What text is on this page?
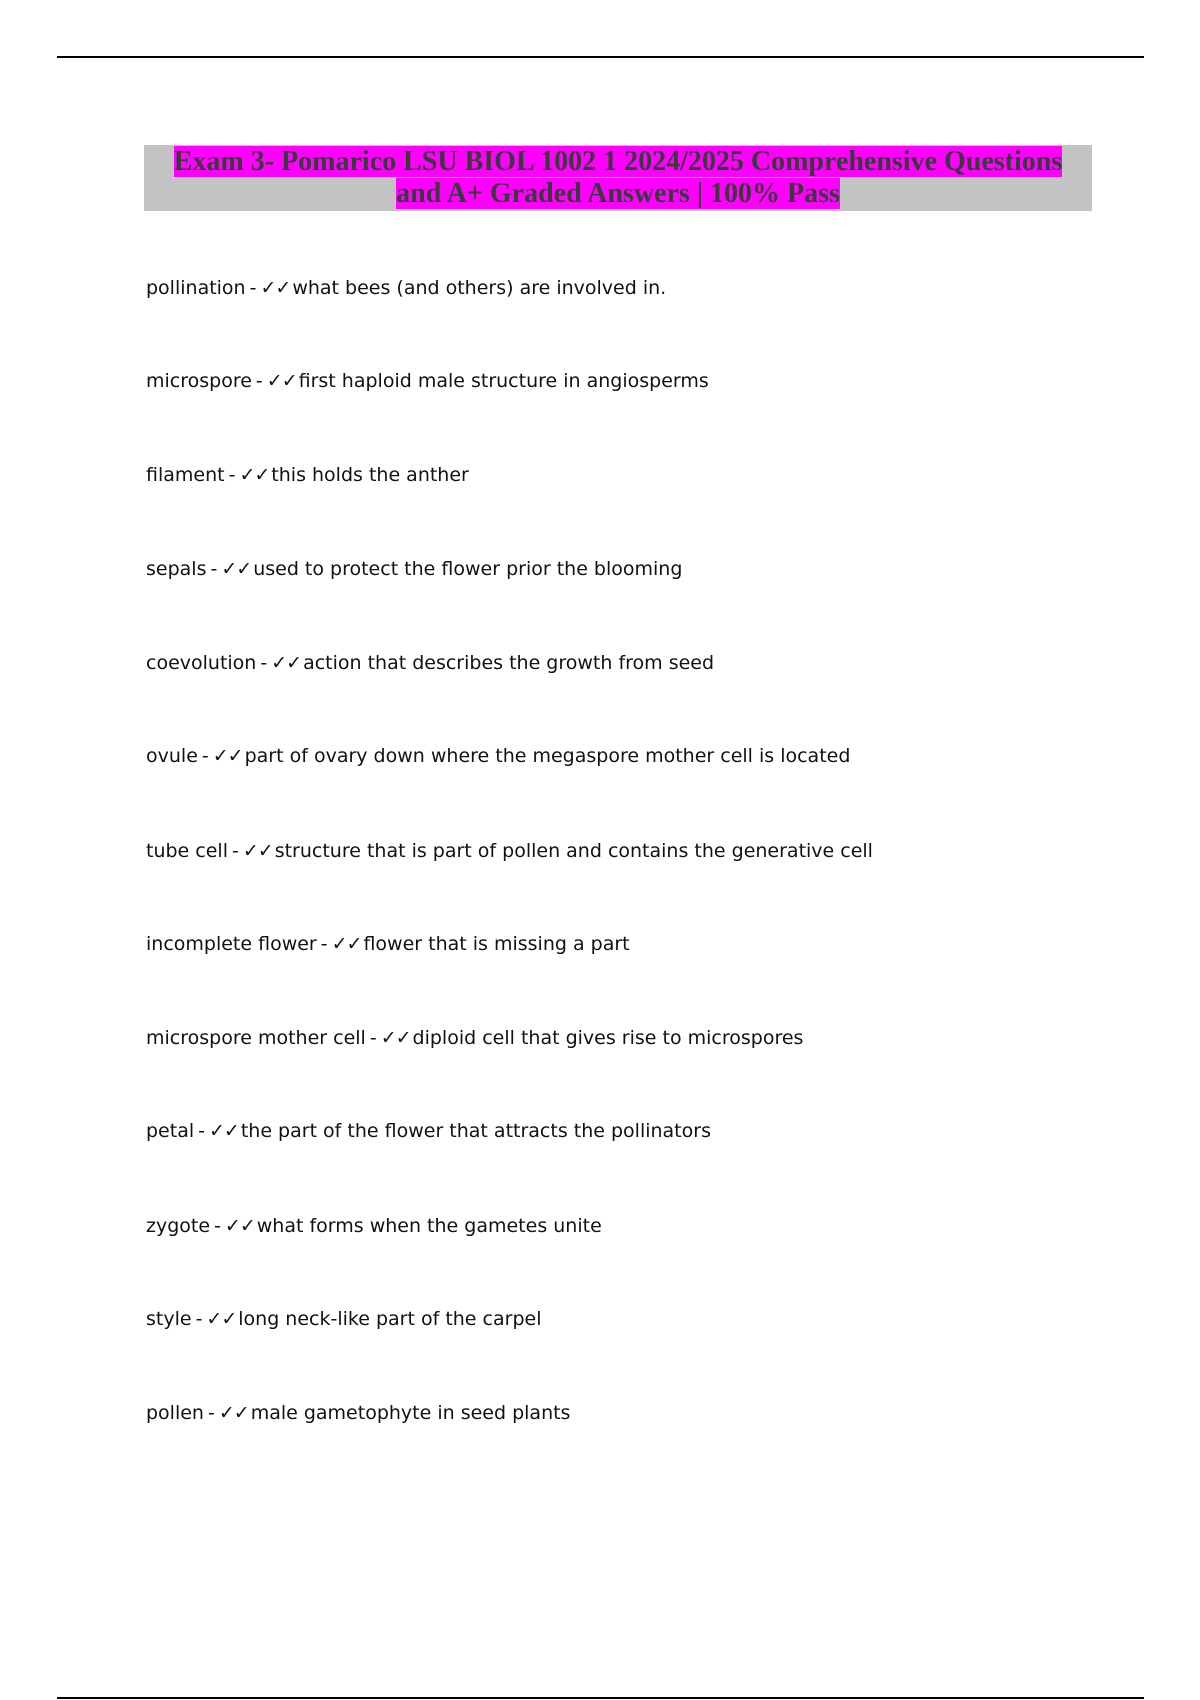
Exam 3- Pomarico LSU BIOL 1002 1 2024/2025 Comprehensive Questions and A+ Graded Answers | 100% Pass
pollination - ✓✓ what bees (and others) are involved in.
microspore - ✓✓ first haploid male structure in angiosperms
filament - ✓✓ this holds the anther
sepals - ✓✓ used to protect the flower prior the blooming
coevolution - ✓✓ action that describes the growth from seed
ovule - ✓✓ part of ovary down where the megaspore mother cell is located
tube cell - ✓✓ structure that is part of pollen and contains the generative cell
incomplete flower - ✓✓ flower that is missing a part
microspore mother cell - ✓✓ diploid cell that gives rise to microspores
petal - ✓✓ the part of the flower that attracts the pollinators
zygote - ✓✓ what forms when the gametes unite
style - ✓✓ long neck-like part of the carpel
pollen - ✓✓ male gametophyte in seed plants
